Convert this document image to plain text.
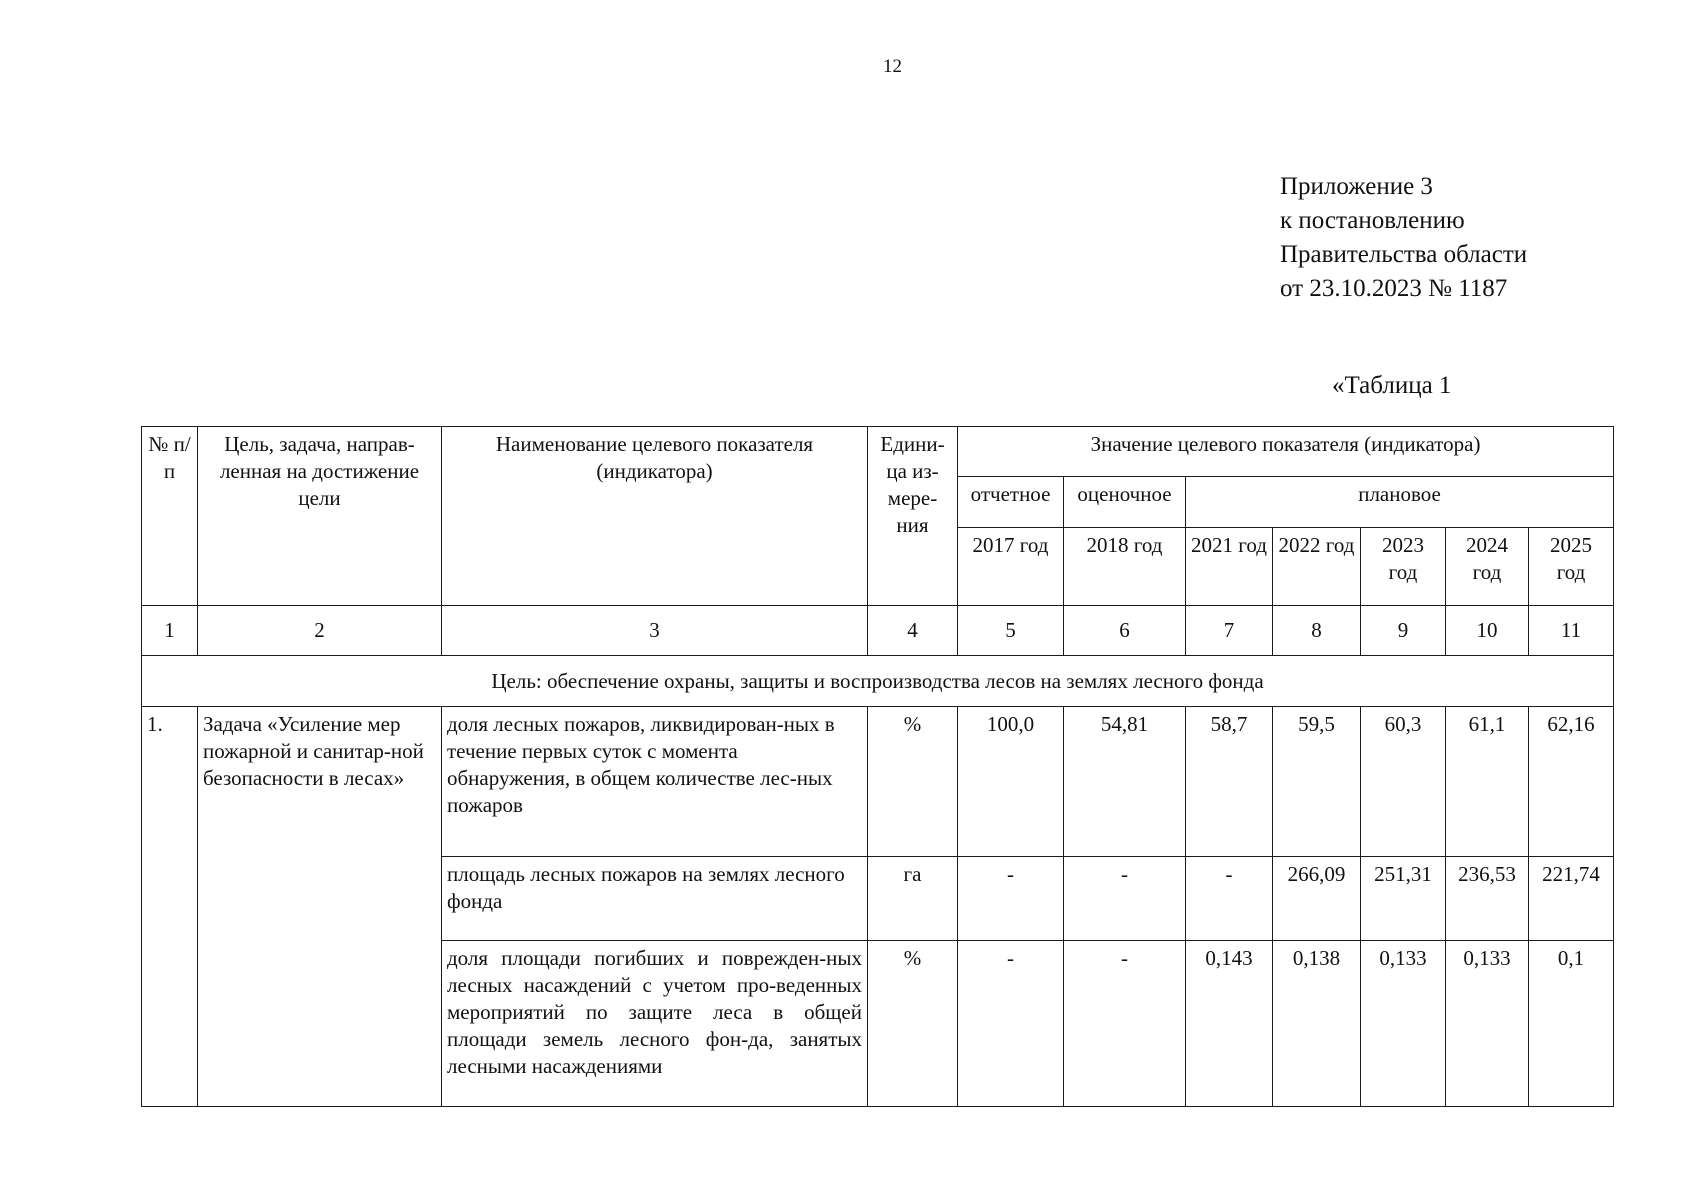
12
Приложение 3
к постановлению
Правительства области
от 23.10.2023 № 1187
«Таблица 1
№ п/п	Цель, задача, направ-ленная на достижение цели	Наименование целевого показателя (индикатора)	Едини-ца из-мере-ния	Значение целевого показателя (индикатора)						
				отчетное	оценочное	плановое				
				2017 год	2018 год	2021 год	2022 год	2023 год	2024 год	2025 год
1	2	3	4	5	6	7	8	9	10	11
Цель: обеспечение охраны, защиты и воспроизводства лесов на землях лесного фонда										
1.	Задача «Усиление мер пожарной и санитар-ной безопасности в лесах»	доля лесных пожаров, ликвидирован-ных в течение первых суток с момента обнаружения, в общем количестве лес-ных пожаров	%	100,0	54,81	58,7	59,5	60,3	61,1	62,16
		площадь лесных пожаров на землях лесного фонда	га	-	-	-	266,09	251,31	236,53	221,74
		доля площади погибших и поврежден-ных лесных насаждений с учетом про-веденных мероприятий по защите леса в общей площади земель лесного фон-да, занятых лесными насаждениями	%	-	-	0,143	0,138	0,133	0,133	0,1
